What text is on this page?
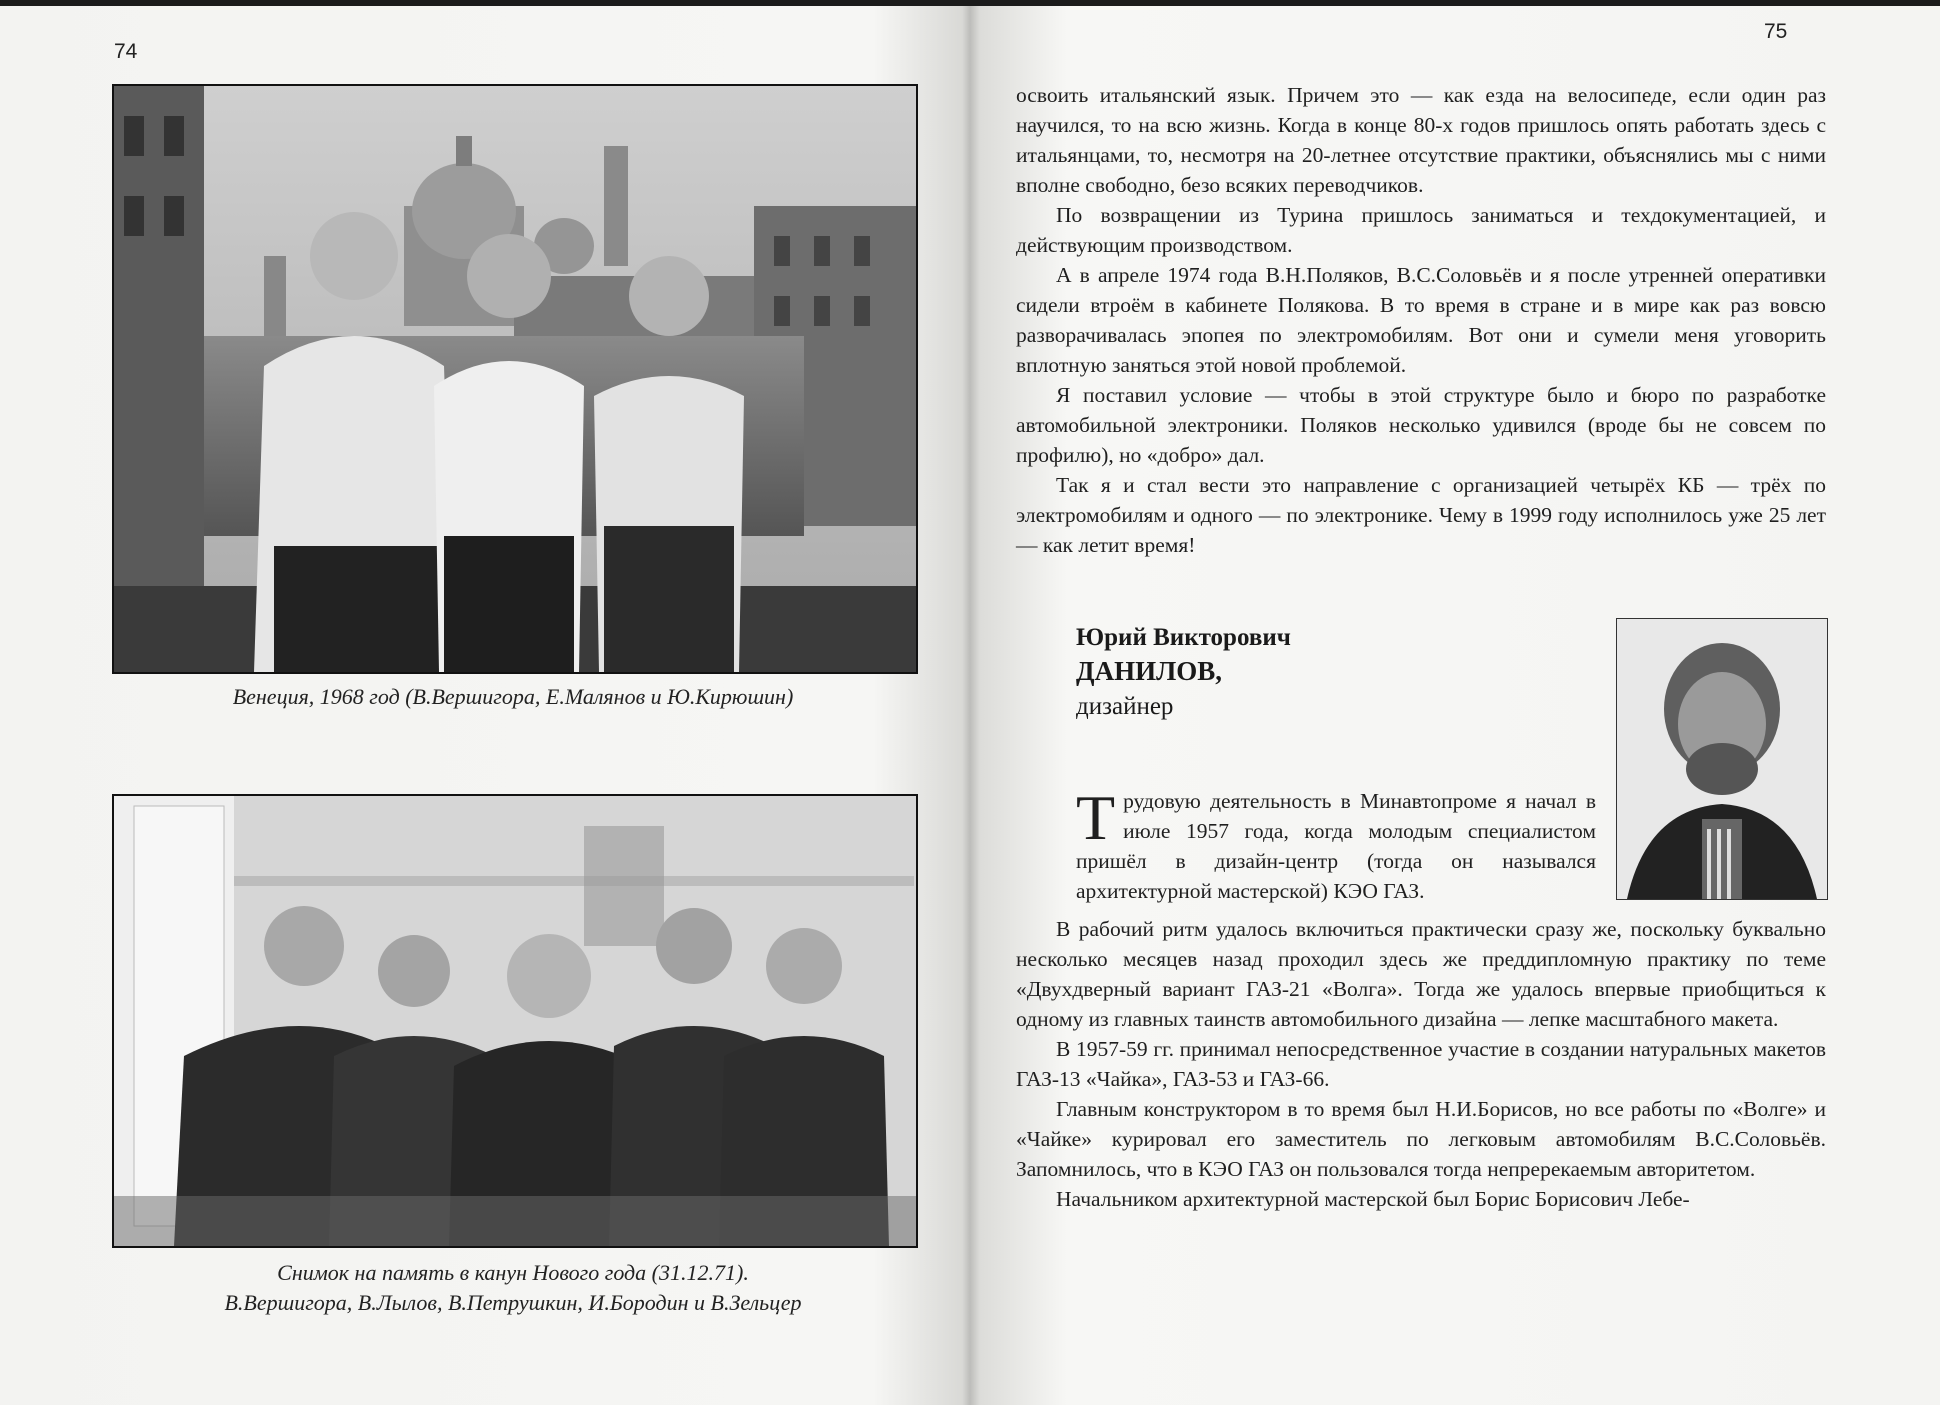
74
Венеция, 1968 год (В.Вершигора, Е.Малянов и Ю.Кирюшин)
Снимок на память в канун Нового года (31.12.71).
В.Вершигора, В.Лылов, В.Петрушкин, И.Бородин и В.Зельцер
75

освоить итальянский язык. Причем это — как езда на велосипеде, если один раз научился, то на всю жизнь. Когда в конце 80-х годов пришлось опять работать здесь с итальянцами, то, несмотря на 20-летнее отсутствие практики, объяснялись мы с ними вполне свободно, безо всяких переводчиков.

По возвращении из Турина пришлось заниматься и техдокументацией, и действующим производством.

А в апреле 1974 года В.Н.Поляков, В.С.Соловьёв и я после утренней оперативки сидели втроём в кабинете Полякова. В то время в стране и в мире как раз вовсю разворачивалась эпопея по электромобилям. Вот они и сумели меня уговорить вплотную заняться этой новой проблемой.

Я поставил условие — чтобы в этой структуре было и бюро по разработке автомобильной электроники. Поляков несколько удивился (вроде бы не совсем по профилю), но «добро» дал.

Так я и стал вести это направление с организацией четырёх КБ — трёх по электромобилям и одного — по электронике. Чему в 1999 году исполнилось уже 25 лет — как летит время!

Юрий Викторович
ДАНИЛОВ,
дизайнер

Трудовую деятельность в Минавтопроме я начал в июле 1957 года, когда молодым специалистом пришёл в дизайн-центр (тогда он назывался архитектурной мастерской) КЭО ГАЗ.

В рабочий ритм удалось включиться практически сразу же, поскольку буквально несколько месяцев назад проходил здесь же преддипломную практику по теме «Двухдверный вариант ГАЗ-21 «Волга». Тогда же удалось впервые приобщиться к одному из главных таинств автомобильного дизайна — лепке масштабного макета.

В 1957-59 гг. принимал непосредственное участие в создании натуральных макетов ГАЗ-13 «Чайка», ГАЗ-53 и ГАЗ-66.

Главным конструктором в то время был Н.И.Борисов, но все работы по «Волге» и «Чайке» курировал его заместитель по легковым автомобилям В.С.Соловьёв. Запомнилось, что в КЭО ГАЗ он пользовался тогда непререкаемым авторитетом.

Начальником архитектурной мастерской был Борис Борисович Лебе-
